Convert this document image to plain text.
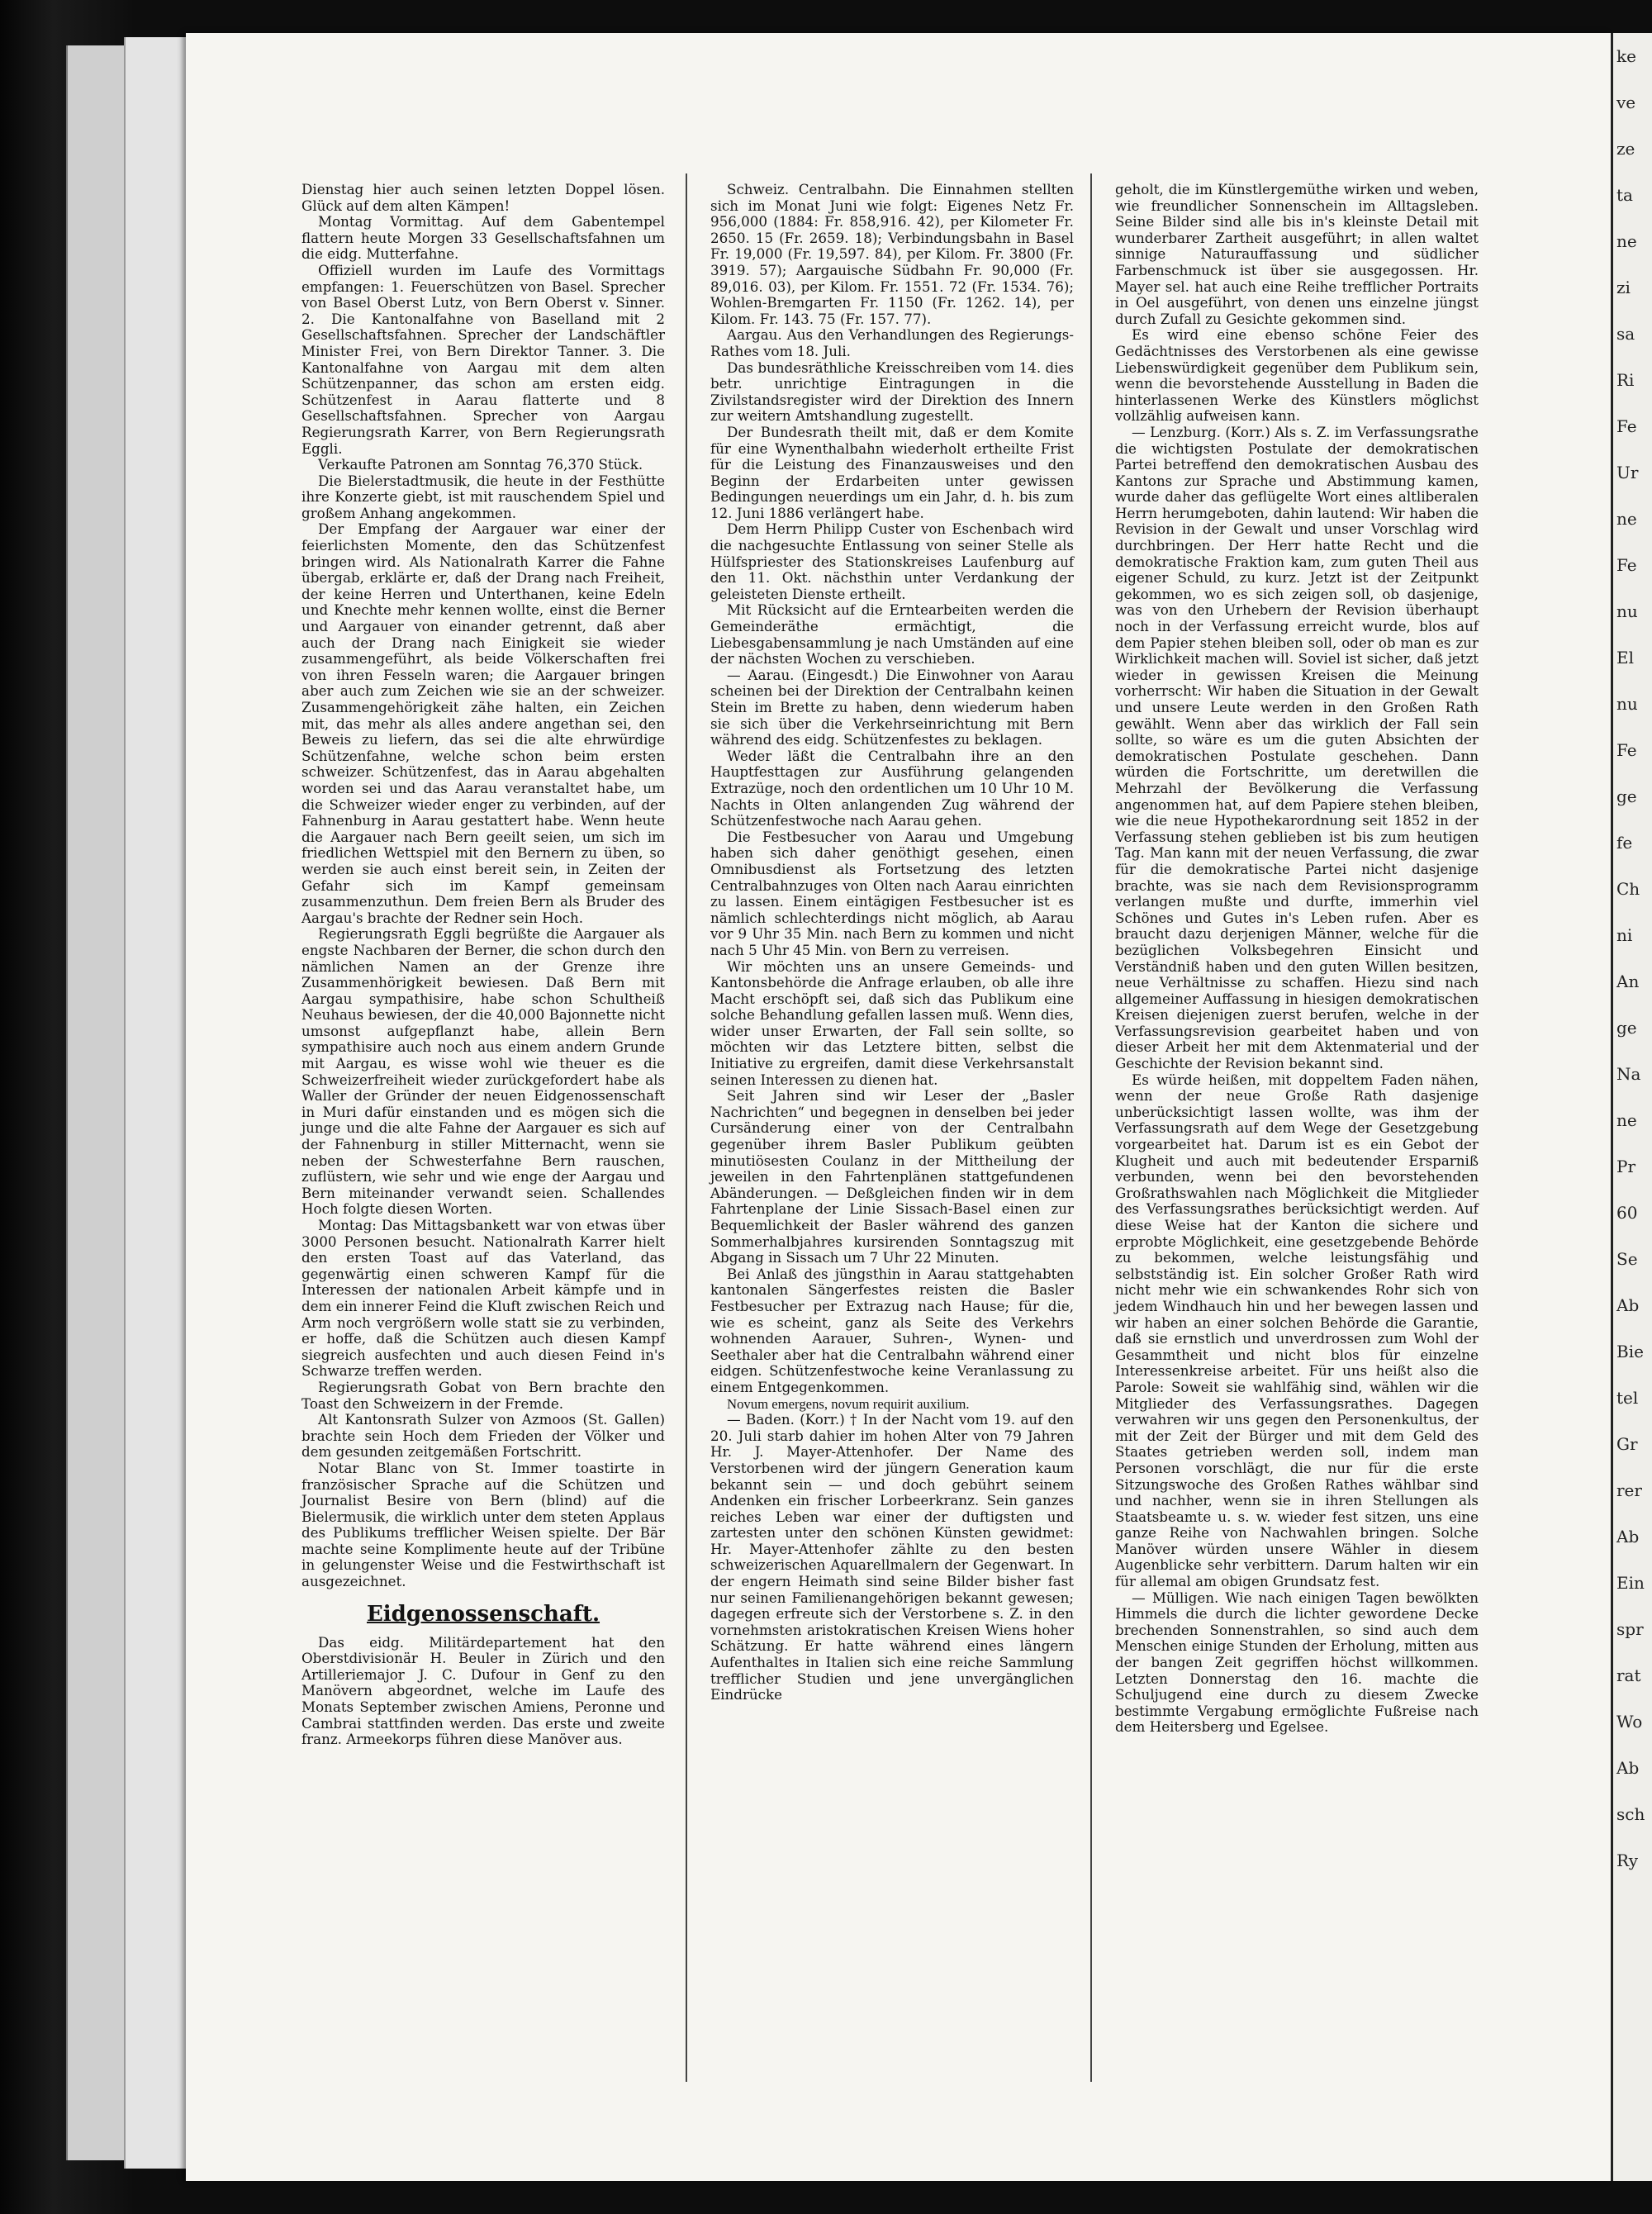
Dienstag hier auch seinen letzten Doppel lösen. Glück auf dem alten Kämpen!

Montag Vormittag. Auf dem Gabentempel flattern heute Morgen 33 Gesellschaftsfahnen um die eidg. Mutterfahne.

Offiziell wurden im Laufe des Vormittags empfangen: 1. Feuerschützen von Basel. Sprecher von Basel Oberst Lutz, von Bern Oberst v. Sinner. 2. Die Kantonalfahne von Baselland mit 2 Gesellschaftsfahnen. Sprecher der Landschäftler Minister Frei, von Bern Direktor Tanner. 3. Die Kantonalfahne von Aargau mit dem alten Schützenpanner, das schon am ersten eidg. Schützenfest in Aarau flatterte und 8 Gesellschaftsfahnen. Sprecher von Aargau Regierungsrath Karrer, von Bern Regierungsrath Eggli.

Verkaufte Patronen am Sonntag 76,370 Stück.

Die Bielerstadtmusik, die heute in der Festhütte ihre Konzerte giebt, ist mit rauschendem Spiel und großem Anhang angekommen.

Der Empfang der Aargauer war einer der feierlichsten Momente, den das Schützenfest bringen wird. Als Nationalrath Karrer die Fahne übergab, erklärte er, daß der Drang nach Freiheit, der keine Herren und Unterthanen, keine Edeln und Knechte mehr kennen wollte, einst die Berner und Aargauer von einander getrennt, daß aber auch der Drang nach Einigkeit sie wieder zusammengeführt, als beide Völkerschaften frei von ihren Fesseln waren; die Aargauer bringen aber auch zum Zeichen wie sie an der schweizer. Zusammengehörigkeit zähe halten, ein Zeichen mit, das mehr als alles andere angethan sei, den Beweis zu liefern, das sei die alte ehrwürdige Schützenfahne, welche schon beim ersten schweizer. Schützenfest, das in Aarau abgehalten worden sei und das Aarau veranstaltet habe, um die Schweizer wieder enger zu verbinden, auf der Fahnenburg in Aarau gestattert habe. Wenn heute die Aargauer nach Bern geeilt seien, um sich im friedlichen Wettspiel mit den Bernern zu üben, so werden sie auch einst bereit sein, in Zeiten der Gefahr sich im Kampf gemeinsam zusammenzuthun. Dem freien Bern als Bruder des Aargau's brachte der Redner sein Hoch.

Regierungsrath Eggli begrüßte die Aargauer als engste Nachbaren der Berner, die schon durch den nämlichen Namen an der Grenze ihre Zusammenhörigkeit bewiesen. Daß Bern mit Aargau sympathisire, habe schon Schultheiß Neuhaus bewiesen, der die 40,000 Bajonnette nicht umsonst aufgepflanzt habe, allein Bern sympathisire auch noch aus einem andern Grunde mit Aargau, es wisse wohl wie theuer es die Schweizerfreiheit wieder zurückgefordert habe als Waller der Gründer der neuen Eidgenossenschaft in Muri dafür einstanden und es mögen sich die junge und die alte Fahne der Aargauer es sich auf der Fahnenburg in stiller Mitternacht, wenn sie neben der Schwesterfahne Bern rauschen, zuflüstern, wie sehr und wie enge der Aargau und Bern miteinander verwandt seien. Schallendes Hoch folgte diesen Worten.

Montag: Das Mittagsbankett war von etwas über 3000 Personen besucht. Nationalrath Karrer hielt den ersten Toast auf das Vaterland, das gegenwärtig einen schweren Kampf für die Interessen der nationalen Arbeit kämpfe und in dem ein innerer Feind die Kluft zwischen Reich und Arm noch vergrößern wolle statt sie zu verbinden, er hoffe, daß die Schützen auch diesen Kampf siegreich ausfechten und auch diesen Feind in's Schwarze treffen werden.

Regierungsrath Gobat von Bern brachte den Toast den Schweizern in der Fremde.

Alt Kantonsrath Sulzer von Azmoos (St. Gallen) brachte sein Hoch dem Frieden der Völker und dem gesunden zeitgemäßen Fortschritt.

Notar Blanc von St. Immer toastirte in französischer Sprache auf die Schützen und Journalist Besire von Bern (blind) auf die Bielermusik, die wirklich unter dem steten Applaus des Publikums trefflicher Weisen spielte. Der Bär machte seine Komplimente heute auf der Tribüne in gelungenster Weise und die Festwirthschaft ist ausgezeichnet.

Eidgenossenschaft.

Das eidg. Militärdepartement hat den Oberstdivisionär H. Beuler in Zürich und den Artilleriemajor J. C. Dufour in Genf zu den Manövern abgeordnet, welche im Laufe des Monats September zwischen Amiens, Peronne und Cambrai stattfinden werden. Das erste und zweite franz. Armeekorps führen diese Manöver aus.

Schweiz. Centralbahn. Die Einnahmen stellten sich im Monat Juni wie folgt: Eigenes Netz Fr. 956,000 (1884: Fr. 858,916. 42), per Kilometer Fr. 2650. 15 (Fr. 2659. 18); Verbindungsbahn in Basel Fr. 19,000 (Fr. 19,597. 84), per Kilom. Fr. 3800 (Fr. 3919. 57); Aargauische Südbahn Fr. 90,000 (Fr. 89,016. 03), per Kilom. Fr. 1551. 72 (Fr. 1534. 76); Wohlen-Bremgarten Fr. 1150 (Fr. 1262. 14), per Kilom. Fr. 143. 75 (Fr. 157. 77).

Aargau. Aus den Verhandlungen des Regierungs-Rathes vom 18. Juli.

Das bundesräthliche Kreisschreiben vom 14. dies betr. unrichtige Eintragungen in die Zivilstandsregister wird der Direktion des Innern zur weitern Amtshandlung zugestellt.

Der Bundesrath theilt mit, daß er dem Komite für eine Wynenthalbahn wiederholt ertheilte Frist für die Leistung des Finanzausweises und den Beginn der Erdarbeiten unter gewissen Bedingungen neuerdings um ein Jahr, d. h. bis zum 12. Juni 1886 verlängert habe.

Dem Herrn Philipp Custer von Eschenbach wird die nachgesuchte Entlassung von seiner Stelle als Hülfspriester des Stationskreises Laufenburg auf den 11. Okt. nächsthin unter Verdankung der geleisteten Dienste ertheilt.

Mit Rücksicht auf die Erntearbeiten werden die Gemeinderäthe ermächtigt, die Liebesgabensammlung je nach Umständen auf eine der nächsten Wochen zu verschieben.

— Aarau. (Eingesdt.) Die Einwohner von Aarau scheinen bei der Direktion der Centralbahn keinen Stein im Brette zu haben, denn wiederum haben sie sich über die Verkehrseinrichtung mit Bern während des eidg. Schützenfestes zu beklagen.

Weder läßt die Centralbahn ihre an den Hauptfesttagen zur Ausführung gelangenden Extrazüge, noch den ordentlichen um 10 Uhr 10 M. Nachts in Olten anlangenden Zug während der Schützenfestwoche nach Aarau gehen.

Die Festbesucher von Aarau und Umgebung haben sich daher genöthigt gesehen, einen Omnibusdienst als Fortsetzung des letzten Centralbahnzuges von Olten nach Aarau einrichten zu lassen. Einem eintägigen Festbesucher ist es nämlich schlechterdings nicht möglich, ab Aarau vor 9 Uhr 35 Min. nach Bern zu kommen und nicht nach 5 Uhr 45 Min. von Bern zu verreisen.

Wir möchten uns an unsere Gemeinds- und Kantonsbehörde die Anfrage erlauben, ob alle ihre Macht erschöpft sei, daß sich das Publikum eine solche Behandlung gefallen lassen muß. Wenn dies, wider unser Erwarten, der Fall sein sollte, so möchten wir das Letztere bitten, selbst die Initiative zu ergreifen, damit diese Verkehrsanstalt seinen Interessen zu dienen hat.

Seit Jahren sind wir Leser der „Basler Nachrichten“ und begegnen in denselben bei jeder Cursänderung einer von der Centralbahn gegenüber ihrem Basler Publikum geübten minutiösesten Coulanz in der Mittheilung der jeweilen in den Fahrtenplänen stattgefundenen Abänderungen. — Deßgleichen finden wir in dem Fahrtenplane der Linie Sissach-Basel einen zur Bequemlichkeit der Basler während des ganzen Sommerhalbjahres kursirenden Sonntagszug mit Abgang in Sissach um 7 Uhr 22 Minuten.

Bei Anlaß des jüngsthin in Aarau stattgehabten kantonalen Sängerfestes reisten die Basler Festbesucher per Extrazug nach Hause; für die, wie es scheint, ganz als Seite des Verkehrs wohnenden Aarauer, Suhren-, Wynen- und Seethaler aber hat die Centralbahn während einer eidgen. Schützenfestwoche keine Veranlassung zu einem Entgegenkommen.

Novum emergens, novum requirit auxilium.

— Baden. (Korr.) † In der Nacht vom 19. auf den 20. Juli starb dahier im hohen Alter von 79 Jahren Hr. J. Mayer-Attenhofer. Der Name des Verstorbenen wird der jüngern Generation kaum bekannt sein — und doch gebührt seinem Andenken ein frischer Lorbeerkranz. Sein ganzes reiches Leben war einer der duftigsten und zartesten unter den schönen Künsten gewidmet: Hr. Mayer-Attenhofer zählte zu den besten schweizerischen Aquarellmalern der Gegenwart. In der engern Heimath sind seine Bilder bisher fast nur seinen Familienangehörigen bekannt gewesen; dagegen erfreute sich der Verstorbene s. Z. in den vornehmsten aristokratischen Kreisen Wiens hoher Schätzung. Er hatte während eines längern Aufenthaltes in Italien sich eine reiche Sammlung trefflicher Studien und jene unvergänglichen Eindrücke

geholt, die im Künstlergemüthe wirken und weben, wie freundlicher Sonnenschein im Alltagsleben. Seine Bilder sind alle bis in's kleinste Detail mit wunderbarer Zartheit ausgeführt; in allen waltet sinnige Naturauffassung und südlicher Farbenschmuck ist über sie ausgegossen. Hr. Mayer sel. hat auch eine Reihe trefflicher Portraits in Oel ausgeführt, von denen uns einzelne jüngst durch Zufall zu Gesichte gekommen sind.

Es wird eine ebenso schöne Feier des Gedächtnisses des Verstorbenen als eine gewisse Liebenswürdigkeit gegenüber dem Publikum sein, wenn die bevorstehende Ausstellung in Baden die hinterlassenen Werke des Künstlers möglichst vollzählig aufweisen kann.

— Lenzburg. (Korr.) Als s. Z. im Verfassungsrathe die wichtigsten Postulate der demokratischen Partei betreffend den demokratischen Ausbau des Kantons zur Sprache und Abstimmung kamen, wurde daher das geflügelte Wort eines altliberalen Herrn herumgeboten, dahin lautend: Wir haben die Revision in der Gewalt und unser Vorschlag wird durchbringen. Der Herr hatte Recht und die demokratische Fraktion kam, zum guten Theil aus eigener Schuld, zu kurz. Jetzt ist der Zeitpunkt gekommen, wo es sich zeigen soll, ob dasjenige, was von den Urhebern der Revision überhaupt noch in der Verfassung erreicht wurde, blos auf dem Papier stehen bleiben soll, oder ob man es zur Wirklichkeit machen will. Soviel ist sicher, daß jetzt wieder in gewissen Kreisen die Meinung vorherrscht: Wir haben die Situation in der Gewalt und unsere Leute werden in den Großen Rath gewählt. Wenn aber das wirklich der Fall sein sollte, so wäre es um die guten Absichten der demokratischen Postulate geschehen. Dann würden die Fortschritte, um deretwillen die Mehrzahl der Bevölkerung die Verfassung angenommen hat, auf dem Papiere stehen bleiben, wie die neue Hypothekarordnung seit 1852 in der Verfassung stehen geblieben ist bis zum heutigen Tag. Man kann mit der neuen Verfassung, die zwar für die demokratische Partei nicht dasjenige brachte, was sie nach dem Revisionsprogramm verlangen mußte und durfte, immerhin viel Schönes und Gutes in's Leben rufen. Aber es braucht dazu derjenigen Männer, welche für die bezüglichen Volksbegehren Einsicht und Verständniß haben und den guten Willen besitzen, neue Verhältnisse zu schaffen. Hiezu sind nach allgemeiner Auffassung in hiesigen demokratischen Kreisen diejenigen zuerst berufen, welche in der Verfassungsrevision gearbeitet haben und von dieser Arbeit her mit dem Aktenmaterial und der Geschichte der Revision bekannt sind.

Es würde heißen, mit doppeltem Faden nähen, wenn der neue Große Rath dasjenige unberücksichtigt lassen wollte, was ihm der Verfassungsrath auf dem Wege der Gesetzgebung vorgearbeitet hat. Darum ist es ein Gebot der Klugheit und auch mit bedeutender Ersparniß verbunden, wenn bei den bevorstehenden Großrathswahlen nach Möglichkeit die Mitglieder des Verfassungsrathes berücksichtigt werden. Auf diese Weise hat der Kanton die sichere und erprobte Möglichkeit, eine gesetzgebende Behörde zu bekommen, welche leistungsfähig und selbstständig ist. Ein solcher Großer Rath wird nicht mehr wie ein schwankendes Rohr sich von jedem Windhauch hin und her bewegen lassen und wir haben an einer solchen Behörde die Garantie, daß sie ernstlich und unverdrossen zum Wohl der Gesammtheit und nicht blos für einzelne Interessenkreise arbeitet. Für uns heißt also die Parole: Soweit sie wahlfähig sind, wählen wir die Mitglieder des Verfassungsrathes. Dagegen verwahren wir uns gegen den Personenkultus, der mit der Zeit der Bürger und mit dem Geld des Staates getrieben werden soll, indem man Personen vorschlägt, die nur für die erste Sitzungswoche des Großen Rathes wählbar sind und nachher, wenn sie in ihren Stellungen als Staatsbeamte u. s. w. wieder fest sitzen, uns eine ganze Reihe von Nachwahlen bringen. Solche Manöver würden unsere Wähler in diesem Augenblicke sehr verbittern. Darum halten wir ein für allemal am obigen Grundsatz fest.

— Mülligen. Wie nach einigen Tagen bewölkten Himmels die durch die lichter gewordene Decke brechenden Sonnenstrahlen, so sind auch dem Menschen einige Stunden der Erholung, mitten aus der bangen Zeit gegriffen höchst willkommen. Letzten Donnerstag den 16. machte die Schuljugend eine durch zu diesem Zwecke bestimmte Vergabung ermöglichte Fußreise nach dem Heitersberg und Egelsee.

ke
ve
ze
ta
ne
zi
sa
Ri
Fe
Ur
ne
Fe
nu
El
nu
Fe
ge
fe
Ch
ni
An
ge
Na
ne
Pr
60
Se
Ab
Bie
tel
Gr
rer
Ab
Ein
spr
rat
Wo
Ab
sch
Ry
